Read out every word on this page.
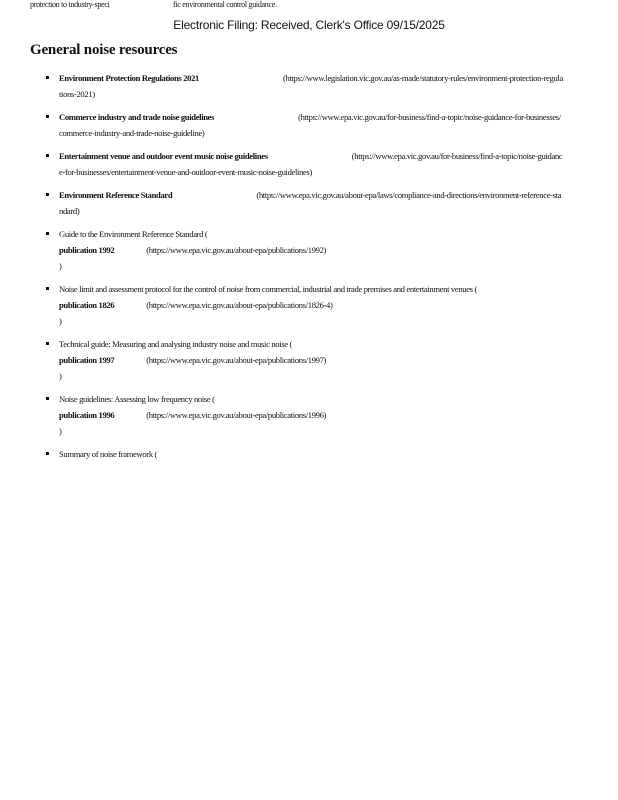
protection to industry-speci	fic environmental control guidance.
Electronic Filing: Received, Clerk's Office 09/15/2025
General noise resources
Environment Protection Regulations 2021	(https://www.legislation.vic.gov.au/as-made/statutory-rules/environment-protection-regulations-2021)
Commerce industry and trade noise guidelines	(https://www.epa.vic.gov.au/for-business/find-a-topic/noise-guidance-for-businesses/commerce-industry-and-trade-noise-guideline)
Entertainment venue and outdoor event music noise guidelines	(https://www.epa.vic.gov.au/for-business/find-a-topic/noise-guidance-for-businesses/entertainment-venue-and-outdoor-event-music-noise-guidelines)
Environment Reference Standard	(https://www.epa.vic.gov.au/about-epa/laws/compliance-and-directions/environment-reference-standard)
Guide to the Environment Reference Standard (
publication 1992	(https://www.epa.vic.gov.au/about-epa/publications/1992)
)
Noise limit and assessment protocol for the control of noise from commercial, industrial and trade premises and entertainment venues (
publication 1826	(https://www.epa.vic.gov.au/about-epa/publications/1826-4)
)
Technical guide: Measuring and analysing industry noise and music noise (
publication 1997	(https://www.epa.vic.gov.au/about-epa/publications/1997)
)
Noise guidelines: Assessing low frequency noise (
publication 1996	(https://www.epa.vic.gov.au/about-epa/publications/1996)
)
Summary of noise framework (
